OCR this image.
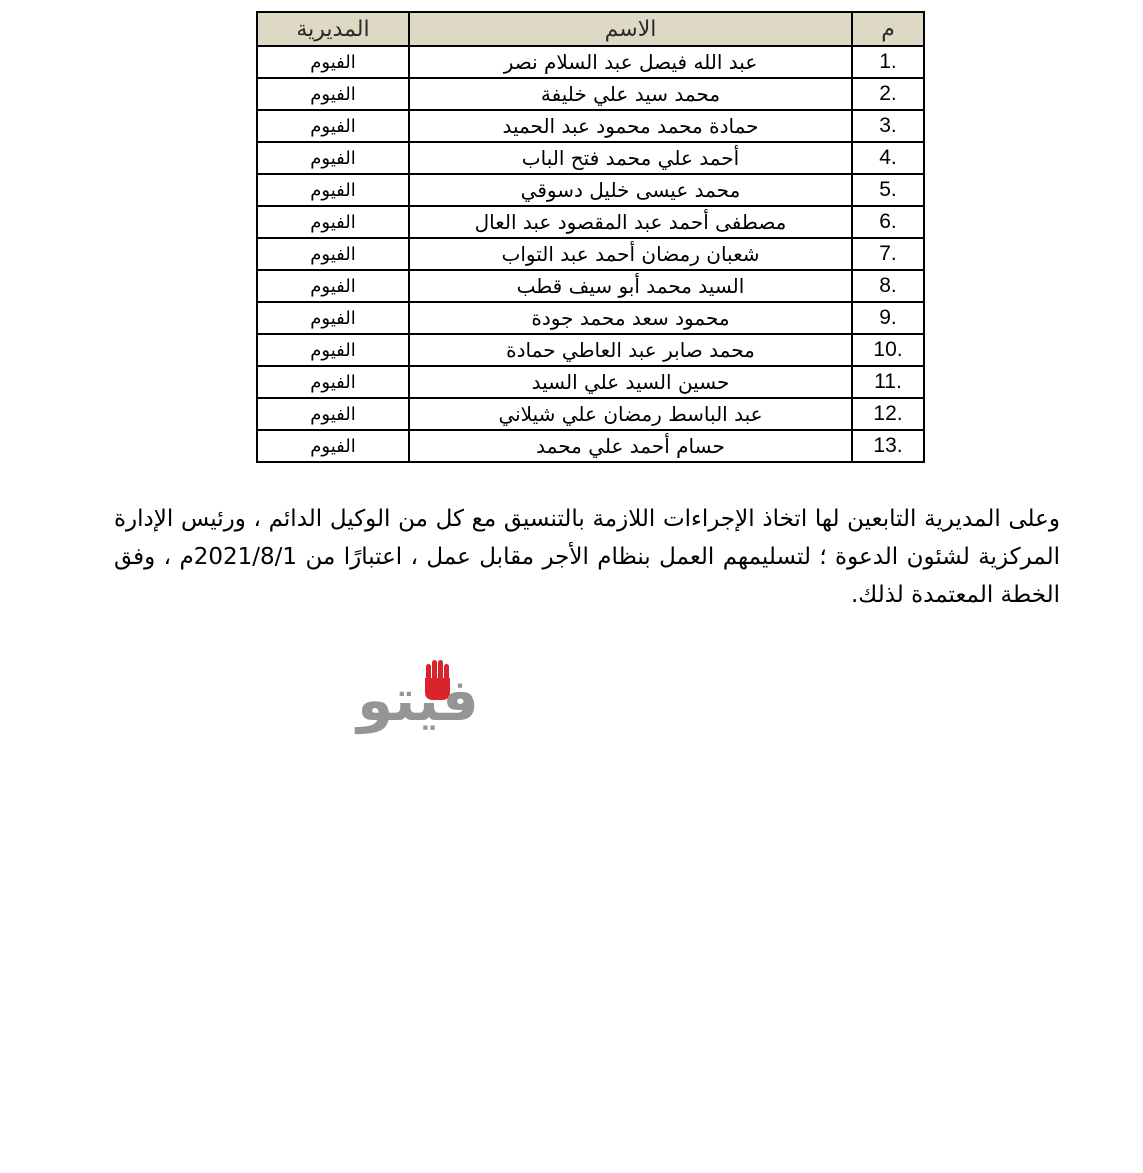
م	الاسم	المديرية
1.	عبد الله فيصل عبد السلام نصر	الفيوم
2.	محمد سيد علي خليفة	الفيوم
3.	حمادة محمد محمود عبد الحميد	الفيوم
4.	أحمد علي محمد فتح الباب	الفيوم
5.	محمد عيسى خليل دسوقي	الفيوم
6.	مصطفى أحمد عبد المقصود عبد العال	الفيوم
7.	شعبان رمضان أحمد عبد التواب	الفيوم
8.	السيد محمد أبو سيف قطب	الفيوم
9.	محمود سعد محمد جودة	الفيوم
10.	محمد صابر عبد العاطي حمادة	الفيوم
11.	حسين السيد علي السيد	الفيوم
12.	عبد الباسط رمضان علي شيلاني	الفيوم
13.	حسام أحمد علي محمد	الفيوم

وعلى المديرية التابعين لها اتخاذ الإجراءات اللازمة بالتنسيق مع كل من الوكيل الدائم ، ورئيس الإدارة المركزية لشئون الدعوة ؛ لتسليمهم العمل بنظام الأجر مقابل عمل ، اعتبارًا من 2021/8/1م ، وفق الخطة المعتمدة لذلك.

فيتو
